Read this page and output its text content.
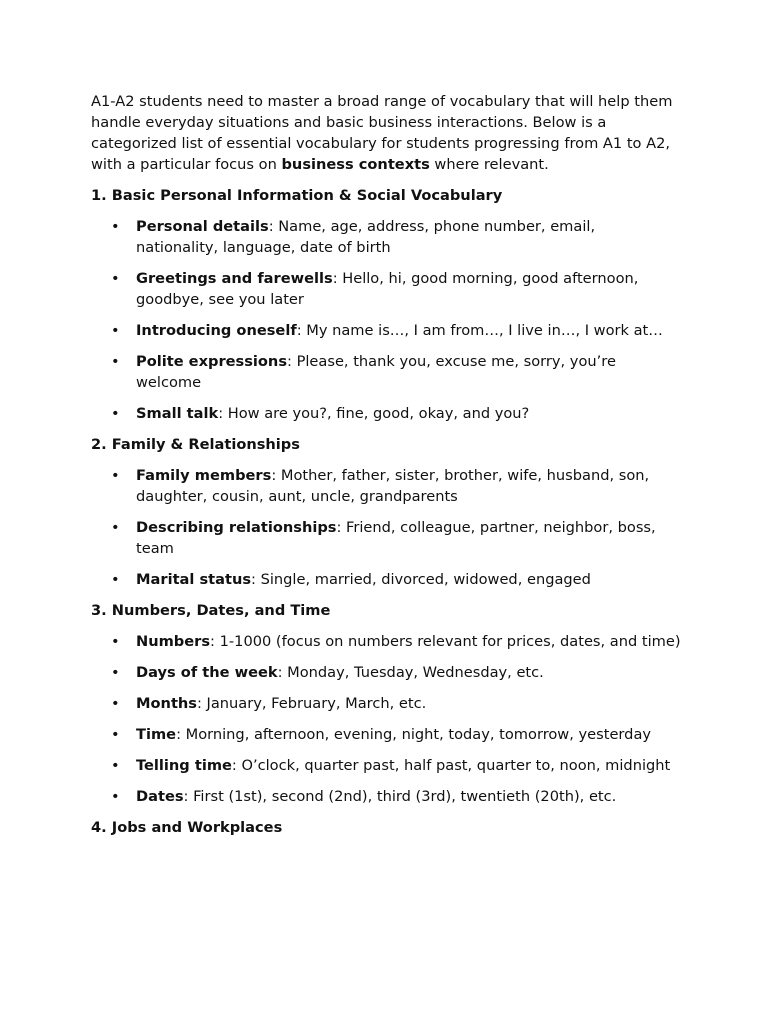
A1-A2 students need to master a broad range of vocabulary that will help them handle everyday situations and basic business interactions. Below is a categorized list of essential vocabulary for students progressing from A1 to A2, with a particular focus on business contexts where relevant.

1. Basic Personal Information & Social Vocabulary
• Personal details: Name, age, address, phone number, email, nationality, language, date of birth
• Greetings and farewells: Hello, hi, good morning, good afternoon, goodbye, see you later
• Introducing oneself: My name is…, I am from…, I live in…, I work at…
• Polite expressions: Please, thank you, excuse me, sorry, you’re welcome
• Small talk: How are you?, fine, good, okay, and you?
2. Family & Relationships
• Family members: Mother, father, sister, brother, wife, husband, son, daughter, cousin, aunt, uncle, grandparents
• Describing relationships: Friend, colleague, partner, neighbor, boss, team
• Marital status: Single, married, divorced, widowed, engaged
3. Numbers, Dates, and Time
• Numbers: 1-1000 (focus on numbers relevant for prices, dates, and time)
• Days of the week: Monday, Tuesday, Wednesday, etc.
• Months: January, February, March, etc.
• Time: Morning, afternoon, evening, night, today, tomorrow, yesterday
• Telling time: O’clock, quarter past, half past, quarter to, noon, midnight
• Dates: First (1st), second (2nd), third (3rd), twentieth (20th), etc.
4. Jobs and Workplaces
